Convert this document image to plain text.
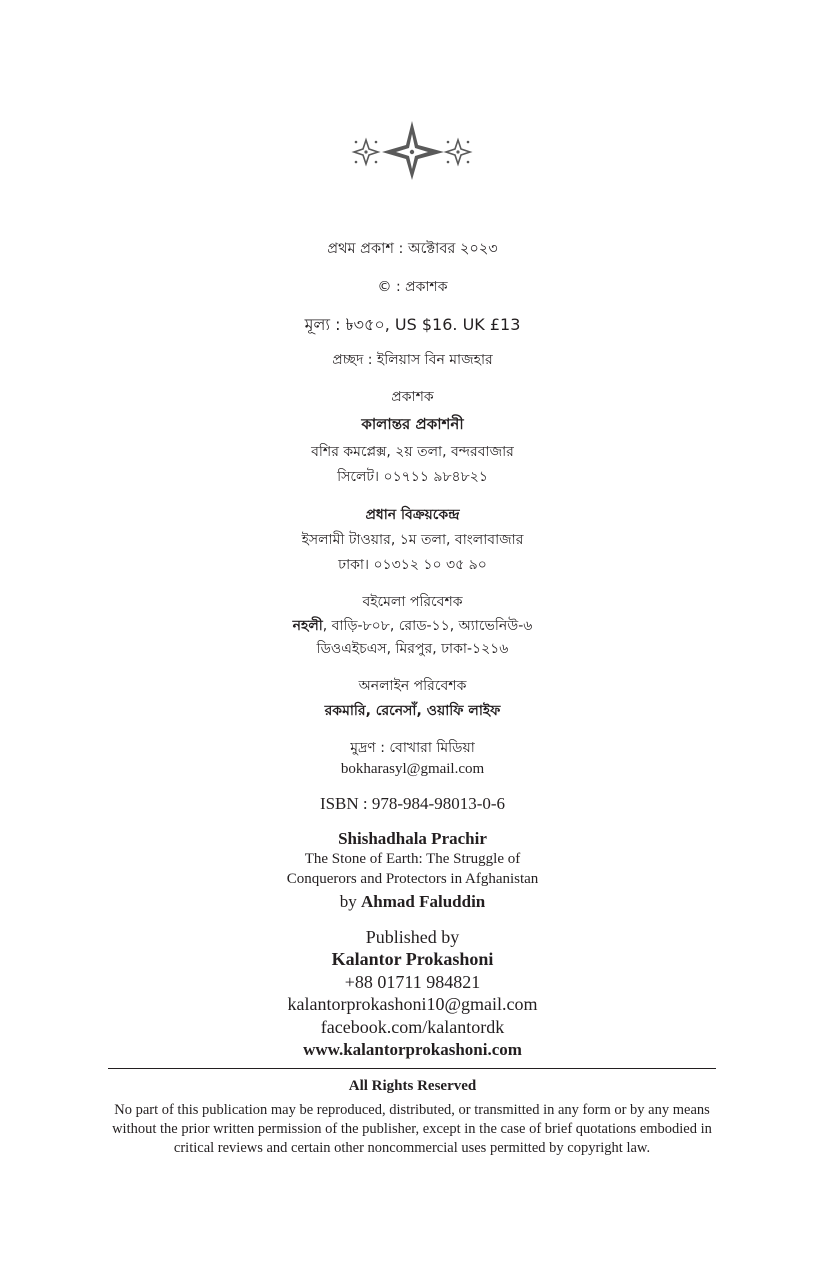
প্রথম প্রকাশ : অক্টোবর ২০২৩
© : প্রকাশক
মূল্য : ৳৩৫০, US $16. UK £13
প্রচ্ছদ : ইলিয়াস বিন মাজহার
প্রকাশক
কালান্তর প্রকাশনী
বশির কমপ্লেক্স, ২য় তলা, বন্দরবাজার
সিলেট। ০১৭১১ ৯৮৪৮২১
প্রধান বিক্রয়কেন্দ্র
ইসলামী টাওয়ার, ১ম তলা, বাংলাবাজার
ঢাকা। ০১৩১২ ১০ ৩৫ ৯০
বইমেলা পরিবেশক
নহলী, বাড়ি-৮০৮, রোড-১১, অ্যাভেনিউ-৬
ডিওএইচএস, মিরপুর, ঢাকা-১২১৬
অনলাইন পরিবেশক
রকমারি, রেনেসাঁ, ওয়াফি লাইফ
মুদ্রণ : বোখারা মিডিয়া
bokharasyl@gmail.com
ISBN : 978-984-98013-0-6
Shishadhala Prachir
The Stone of Earth: The Struggle of
Conquerors and Protectors in Afghanistan
by Ahmad Faluddin
Published by
Kalantor Prokashoni
+88 01711 984821
kalantorprokashoni10@gmail.com
facebook.com/kalantordk
www.kalantorprokashoni.com
All Rights Reserved

No part of this publication may be reproduced, distributed, or transmitted in any form or by any means without the prior written permission of the publisher, except in the case of brief quotations embodied in critical reviews and certain other noncommercial uses permitted by copyright law.
